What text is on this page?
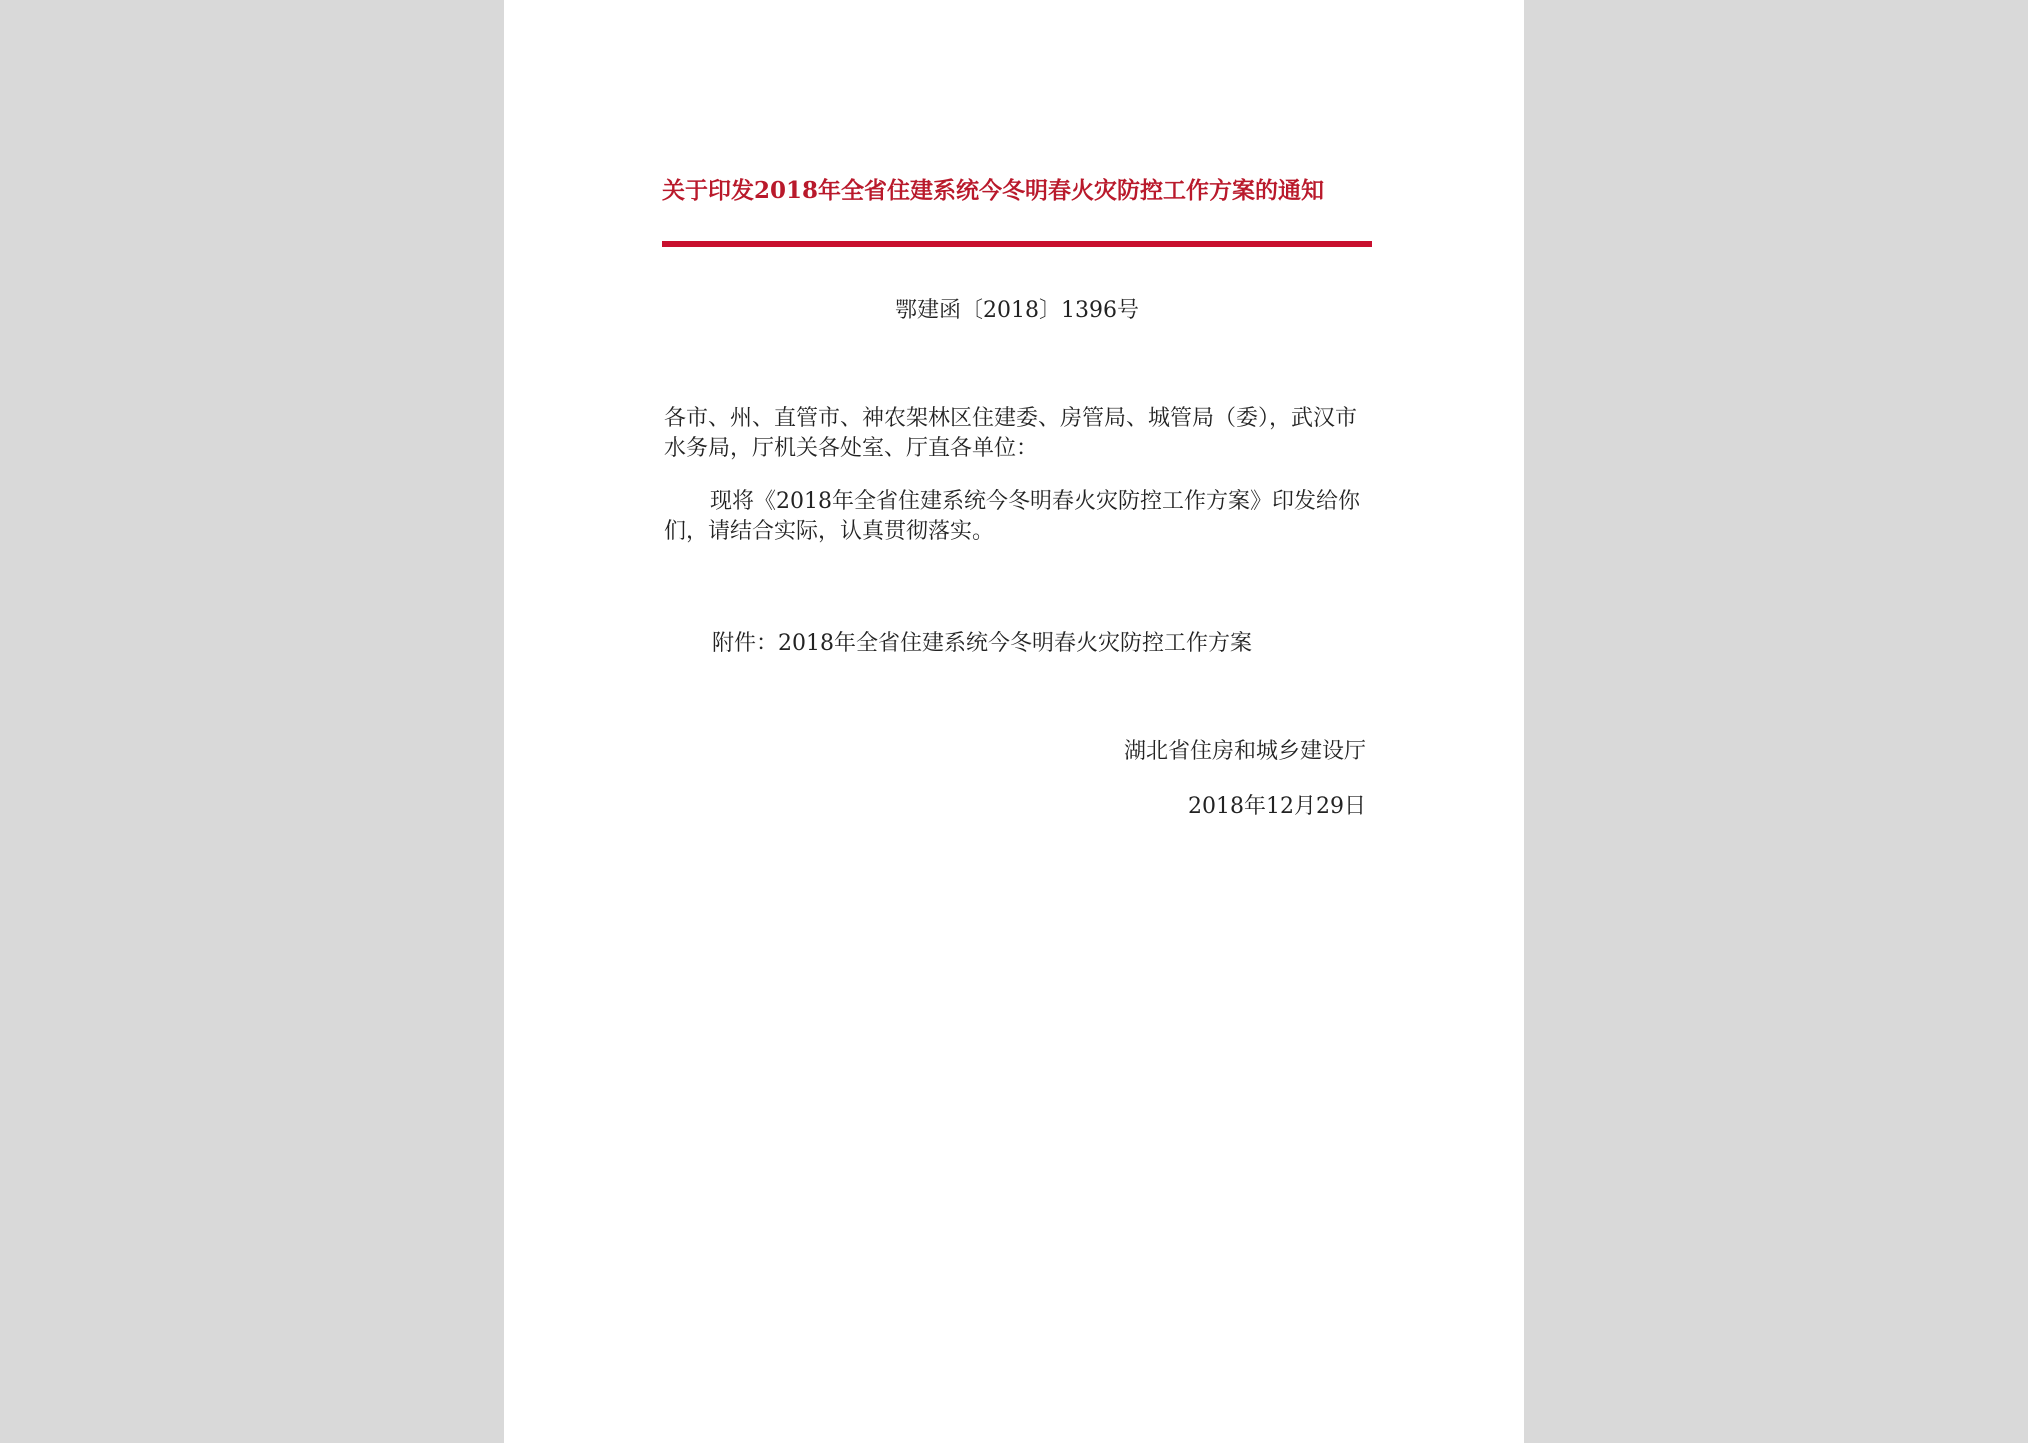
关于印发2018年全省住建系统今冬明春火灾防控工作方案的通知
鄂建函〔2018〕1396号
各市、州、直管市、神农架林区住建委、房管局、城管局（委），武汉市水务局，厅机关各处室、厅直各单位：
现将《2018年全省住建系统今冬明春火灾防控工作方案》印发给你们，请结合实际，认真贯彻落实。
附件：2018年全省住建系统今冬明春火灾防控工作方案
湖北省住房和城乡建设厅
2018年12月29日
